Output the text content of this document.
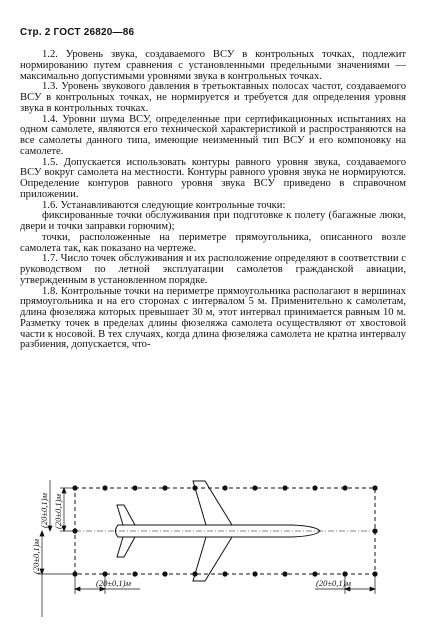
Стр. 2 ГОСТ 26820—86

1.2. Уровень звука, создаваемого ВСУ в контрольных точках, подлежит нормированию путем сравнения с установленными предельными значениями — максимально допустимыми уровнями звука в контрольных точках.

1.3. Уровень звукового давления в третьоктавных полосах частот, создаваемого ВСУ в контрольных точках, не нормируется и требуется для определения уровня звука в контрольных точках.

1.4. Уровни шума ВСУ, определенные при сертификационных испытаниях на одном самолете, являются его технической характеристикой и распространяются на все самолеты данного типа, имеющие неизменный тип ВСУ и его компоновку на самолете.

1.5. Допускается использовать контуры равного уровня звука, создаваемого ВСУ вокруг самолета на местности. Контуры равного уровня звука не нормируются. Определение контуров равного уровня звука ВСУ приведено в справочном приложении.

1.6. Устанавливаются следующие контрольные точки:

фиксированные точки обслуживания при подготовке к полету (багажные люки, двери и точки заправки горючим);

точки, расположенные на периметре прямоугольника, описанного возле самолета так, как показано на чертеже.

1.7. Число точек обслуживания и их расположение определяют в соответствии с руководством по летной эксплуатации самолетов гражданской авиации, утвержденным в установленном порядке.

1.8. Контрольные точки на периметре прямоугольника располагают в вершинах прямоугольника и на его сторонах с интервалом 5 м. Применительно к самолетам, длина фюзеляжа которых превышает 30 м, этот интервал принимается равным 10 м. Разметку точек в пределах длины фюзеляжа самолета осуществляют от хвостовой части к носовой. В тех случаях, когда длина фюзеляжа самолета не кратна интервалу разбиения, допускается, что-

(20±0,1)м
(20±0,1)м
(20±0,1)м
(20±0,1)м	(20±0,1)м
